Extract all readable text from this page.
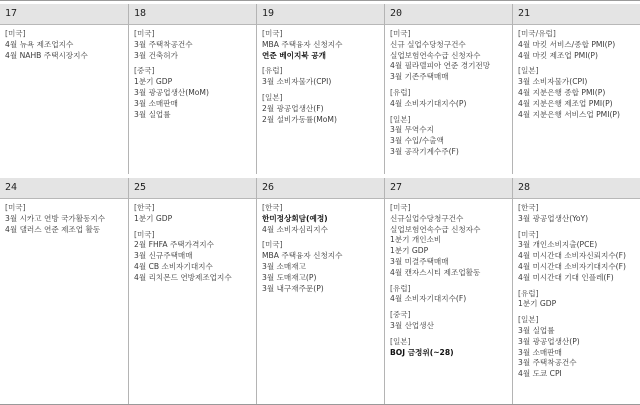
17
[미국]
4월 뉴욕 제조업지수
4월 NAHB 주택시장지수
18
[미국]
3월 주택착공건수
3월 건축허가
[중국]
1분기 GDP
3월 광공업생산(MoM)
3월 소매판매
3월 실업률
19
[미국]
MBA 주택융자 신청지수
연준 베이지북 공개
[유럽]
3월 소비자물가(CPI)
[일본]
2월 광공업생산(F)
2월 설비가동률(MoM)
20
[미국]
신규 실업수당청구건수
실업보험연속수급 신청자수
4월 필라델피아 연준 경기전망
3월 기존주택매매
[유럽]
4월 소비자기대지수(P)
[일본]
3월 무역수지
3월 수입/수출액
3월 공작기계수주(F)
21
[미국/유럽]
4월 마킷 서비스/종합 PMI(P)
4월 마킷 제조업 PMI(P)
[일본]
3월 소비자물가(CPI)
4월 지분은행 종합 PMI(P)
4월 지분은행 제조업 PMI(P)
4월 지분은행 서비스업 PMI(P)
24
[미국]
3월 시카고 연방 국가활동지수
4월 댈러스 연준 제조업 활동
25
[한국]
1분기 GDP
[미국]
2월 FHFA 주택가격지수
3월 신규주택매매
4월 CB 소비자기대지수
4월 리치몬드 연방제조업지수
26
[한국]
한미정상회담(예정)
4월 소비자심리지수
[미국]
MBA 주택융자 신청지수
3월 소매재고
3월 도매재고(P)
3월 내구재주문(P)
27
[미국]
신규실업수당청구건수
실업보험연속수급 신청자수
1분기 개인소비
1분기 GDP
3월 미결주택매매
4월 캔자스시티 제조업활동
[유럽]
4월 소비자기대지수(F)
[중국]
3월 산업생산
[일본]
BOJ 금정위(~28)
28
[한국]
3월 광공업생산(YoY)
[미국]
3월 개인소비지출(PCE)
4월 미시간대 소비자신뢰지수(F)
4월 미시간대 소비자기대지수(F)
4월 미시간대 기대 인플레(F)
[유럽]
1분기 GDP
[일본]
3월 실업률
3월 광공업생산(P)
3월 소매판매
3월 주택착공건수
4월 도쿄 CPI
